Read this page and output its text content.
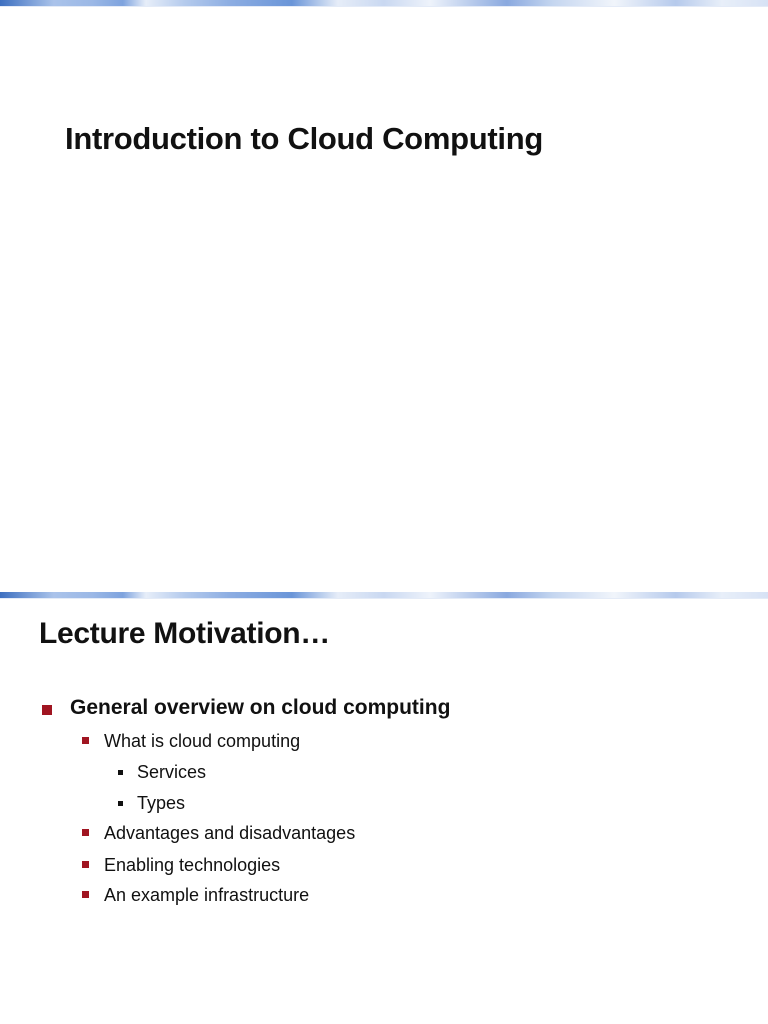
Introduction to Cloud Computing
Lecture Motivation…
General overview on cloud computing
What is cloud computing
Services
Types
Advantages and disadvantages
Enabling technologies
An example infrastructure
